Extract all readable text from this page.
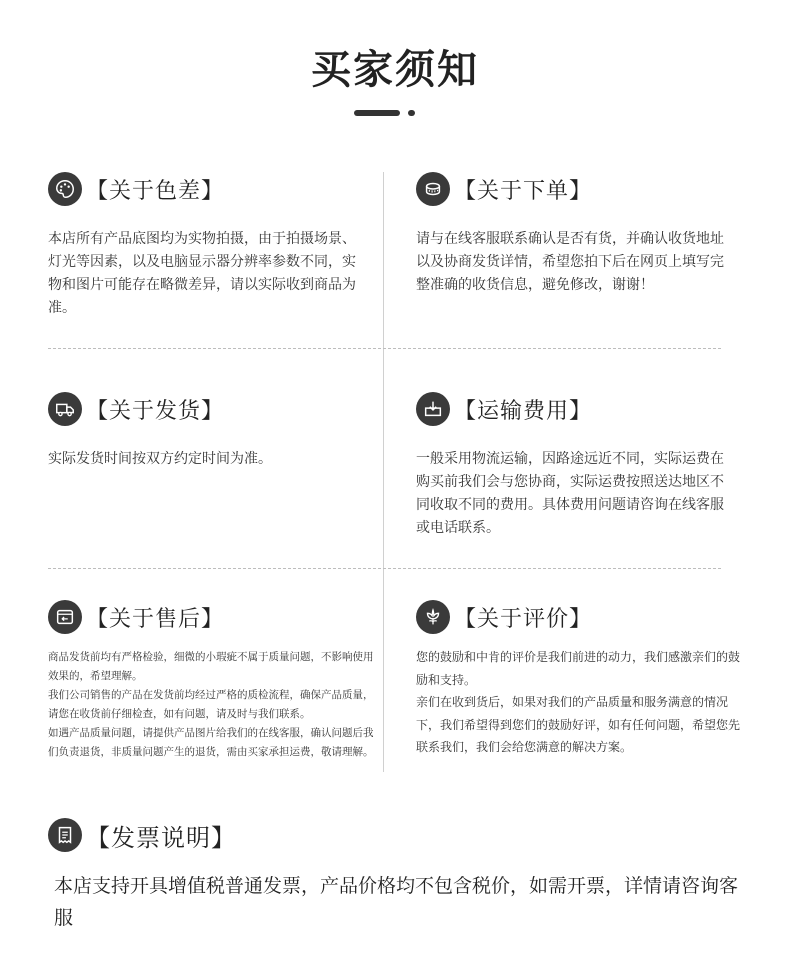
买家须知
【关于色差】

本店所有产品底图均为实物拍摄，由于拍摄场景、灯光等因素，以及电脑显示器分辨率参数不同，实物和图片可能存在略微差异，请以实际收到商品为准。

【关于下单】

请与在线客服联系确认是否有货，并确认收货地址以及协商发货详情，希望您拍下后在网页上填写完整准确的收货信息，避免修改，谢谢！

【关于发货】

实际发货时间按双方约定时间为准。

【运输费用】

一般采用物流运输，因路途远近不同，实际运费在购买前我们会与您协商，实际运费按照送达地区不同收取不同的费用。具体费用问题请咨询在线客服或电话联系。

【关于售后】

商品发货前均有严格检验，细微的小瑕疵不属于质量问题，不影响使用效果的，希望理解。

我们公司销售的产品在发货前均经过严格的质检流程，确保产品质量，请您在收货前仔细检查，如有问题，请及时与我们联系。

如遇产品质量问题，请提供产品图片给我们的在线客服，确认问题后我们负责退货，非质量问题产生的退货，需由买家承担运费，敬请理解。

【关于评价】

您的鼓励和中肯的评价是我们前进的动力，我们感激亲们的鼓励和支持。

亲们在收到货后，如果对我们的产品质量和服务满意的情况下，我们希望得到您们的鼓励好评，如有任何问题，希望您先联系我们，我们会给您满意的解决方案。

【发票说明】

本店支持开具增值税普通发票，产品价格均不包含税价，如需开票，详情请咨询客服
